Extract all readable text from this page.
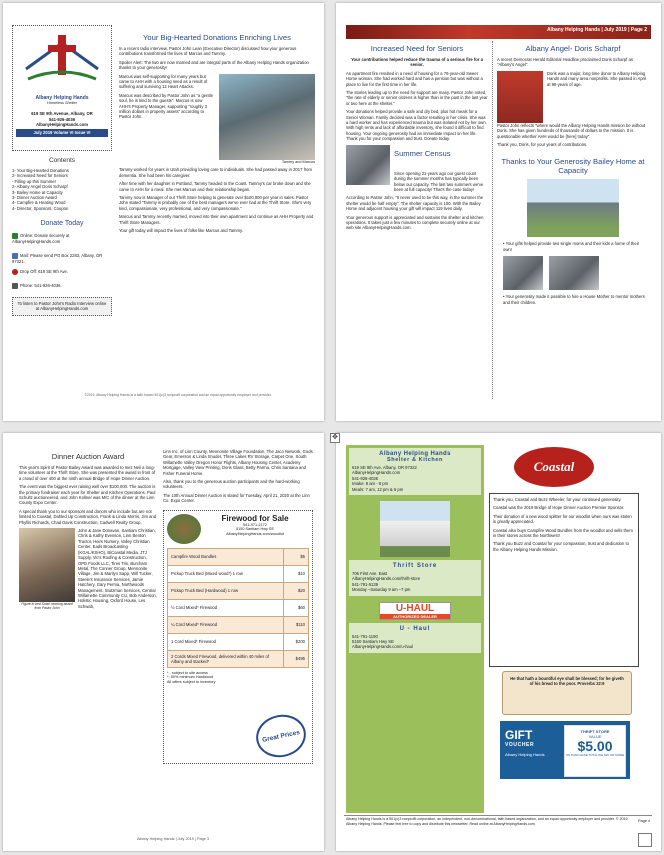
Albany Helping Hands
Homeless Shelter
619 SE 9th Avenue, Albany, OR
541-926-4036
AlbanyHelpingHands.com
July 2019 Volume VI Issue VI
Contents
1- Your Big-Hearted Donations
2- Increased Need for Seniors
- Filling up this Summer
2- Albany Angel Doris Scharpf
3- Bailey Home at Capacity
3- Dinner Auction Award
4- Campfire & Heating Wood
4- Director, Sponsors, Coupon
Donate Today
Online: Donate securely at AlbanyHelpingHands.com
Mail: Please send PO Box 2283, Albany, OR 97321.
Drop Off: 619 SE 9th Ave.
Phone: 541-926-4036.
To listen to Pastor John's Radio Interview online at AlbanyHelpingHands.com
Your Big-Hearted Donations Enriching Lives
In a recent radio interview, Pastor John Lean (Executive Director) discussed how your generous contributions transformed the lives of Marcus and Tammy.
Spoiler Alert: The two are now married and are integral parts of the Albany Helping Hands organization thanks to your generosity!
Marcus was self-supporting for many years but came to AHH with a housing need as a result of suffering and surviving 12 Heart Attacks.
Marcus was described by Pastor John as "a gentle soul, he is kind to the guests". Marcus is now AHH's Property Manager, supporting "roughly 3 million dollars in property assets" according to Pastor John.
Tammy and Marcus
Tammy worked for years in Utah providing loving care to individuals. She had passed away in 2017 from dementia. She had been his caregiver.
After time with her daughter in Portland, Tammy headed to the Coast. Tammy's car broke down and she came to AHH for a meal. She met Marcus and their relationship began.
Tammy now is Manager of our Thrift Store helping to generate over $100,000 per year in sales. Pastor John stated "Tammy is probably one of the best managers we've ever had at the Thrift Store. She's very kind, compassionate, very professional, and very compassionate."
Marcus and Tammy recently married, moved into their own apartment and continue as AHH Property and Thrift Store Managers.
Your gift today will impact the lives of folks like Marcus and Tammy.
©2019. Albany Helping Hands is a faith based 501(c)3 nonprofit corporation and an equal opportunity employer and provider.
Albany Helping Hands | July 2019 | Page 2
Increased Need for Seniors
Your contributions helped reduce the trauma of a serious fire for a senior.
An apartment fire resulted in a need of housing for a 76-year-old Sweet Home woman. She had worked hard and has a pension but was without a place to live for the first time in her life.
The stories leading up to the need for support are many. Pastor John noted, "the rate of elderly or senior citizens is higher than in the past in the last year or two here at the shelter."
Your donations helped provide a safe and dry bed, plus hot meals for a Senior Woman. Family decided was a factor resulting in her crisis. She was a hard worker and has experienced trauma but was isolated not by her own. With high rents and lack of affordable inventory, she found it difficult to find housing. Your ongoing generosity had an immediate impact on her life. Thank you for your compassion and trust. Donate today.
Summer Census
Since opening 21-years ago our guest count during the summer months has typically been below our capacity. The last two summers we've been at full capacity! That's the case today!
According to Pastor John, "It never used to be this way, in the summer the shelter would be half empty". The shelter capacity is 100. With the Bailey Home and adjacent housing your gift will impact 119 lives daily.
Your generous support is appreciated and sustains the shelter and kitchen operations. It takes just a few minutes to complete securely online at our web site AlbanyHelpingHands.com.
Albany Angel- Doris Scharpf
A recent Democrat Herald Editorial Headline proclaimed Doris Scharpf as "Albany's Angel".
Doris was a major, long time donor to Albany Helping Hands and many area nonprofits. She passed in April at 98-years of age.
Pastor John reflects "where would the Albany Helping Hands mission be without Doris. She has given hundreds of thousands of dollars to the mission. It is questionable whether AHH would be [here] today".
Thank you, Doris, for your years of contributions.
Thanks to Your Generosity Bailey Home at Capacity
• Your gifts helped provide two single moms and their kids a home of their own!
• Your generosity made it possible to hire a House Mother to mentor mothers and their children.
Dinner Auction Award
This year's Spirit of Pastor Bailey Award was awarded to Inez Neil a long-time volunteer at the Thrift Store. She was presented the award in front of a crowd of over 400 at the ninth annual Bridge of Hope Dinner Auction.
The event was the biggest ever raising well over $100,000. The auction is the primary fundraiser each year for Shelter and Kitchen Operations. Paul Schultz auctioneered, and John Kollner was M/C of the dinner at the Linn County Expo Center.
A special thank you to our sponsors and donors who include but are not limited to Coastal, Dahled Up Construction, Frank & Linda Morris, Jim and Phyllis Richards, Chad Davis Construction, Cadwell Realty Group,
Figure in bed Small morning award from Pastor John
John & Jane Donavan, Santiam Christian, Chris & Kathy Evenson, Linn Benton Tractor, Heirs Nursery, Valley Christian Center, Eads Broadcasting (KGAL/KSHO), BiCoastal Media, JTJ Supply, Vic's Roofing & Construction, OPD Foods LLC, Tires Tris, Burcham Metal, The Conner Group, Mennonite Village, Jim & Marilyn Sapp, Will Tucker, Steele's Insurance Services, Jamie Hatchery, Gary Perma, Northwoods Management, Stutzman Services, Central Willamette Community CU, Bob Anderson, Holistic Housing, Oxford House, Les Schwab,
Linn Inc. of Linn County, Mennonite Village Foundation, The Jaco Network, Gods Gear, Emerson & Linda Snuder, Three Lakes RV Storage, Carpet One, South Willamette Valley Oregon Honor Flights, Albany Housing Center, Academy Mortgage, Valley View Printing, Doris Glass, Betty Parma, Chris Santana and Fisher Funeral Home.
Also, thank you to the generous auction participants and the hard-working volunteers.
The 10th Annual Dinner Auction is slated for Tuesday, April 21, 2020 at the Linn Co. Expo Center.
Firewood for Sale
541-971-2172
5150 Santiam Hwy SE
AlbanyHelpingHands.com/woodlot
Campfire Wood Bundles	$5
Pickup Truck Bed (Mixed wood*) 1 row	$10
Pickup Truck Bed (Hardwood) 1 row	$20
½ Cord Mixed* Firewood	$60
¼ Cord Mixed* Firewood	$110
1 Cord Mixed* Firewood	$200
2 Cords Mixed Firewood, delivered within 40 miles of Albany and stacked*	$495
* - subject to site access
*- 50% minimum Hardwood
All offers subject to inventory
Great Prices
Albany Helping Hands | July 2019 | Page 3
✥
Albany Helping Hands
Shelter & Kitchen
619 SE 9th Ave, Albany, OR 97322
AlbanyHelpingHands.com
541-926-4036
Intake: 8 am - 8 pm
Meals: 7 am, 12 pm & 5 pm
Thrift Store
705 First Ave. East
AlbanyHelpingHands.com/thrift-store
541-791-5139
Monday –Saturday 9 am –7 pm
U-HAUL
AUTHORIZED DEALER
U - Haul
541-791-1190
5150 Santiam Hwy SE
AlbanyHelpingHands.com/u-haul
Coastal
Thank you, Coastal and Buzz Wheeler, for your continued generosity.
Coastal was the 2019 Bridge of Hope Dinner Auction Premier Sponsor.
Their donation of a new wood splitter for our woodlot when ours was stolen is greatly appreciated.
Coastal also buys Campfire Wood Bundles from the woodlot and sells them in their stores across the Northwest!
Thank you Buzz and Coastal for your compassion, trust and dedication to the Albany Helping Hands Mission.
He that hath a bountiful eye shall be blessed; for he giveth of his bread to the poor. Proverbs 22:9
GIFT
VOUCHER
Albany Helping Hands
THRIFT STORE
VALUE
$5.00
ON PURCHASE TOTALING $20 OR MORE
Albany Helping Hands is a 501(c)3 nonprofit corporation, an independent, non-denominational, faith based organization, and an equal opportunity employer and provider. © 2019 Albany Helping Hands. Please feel free to copy and distribute this newsletter. Read online at AlbanyHelpingHands.com
Page 4
